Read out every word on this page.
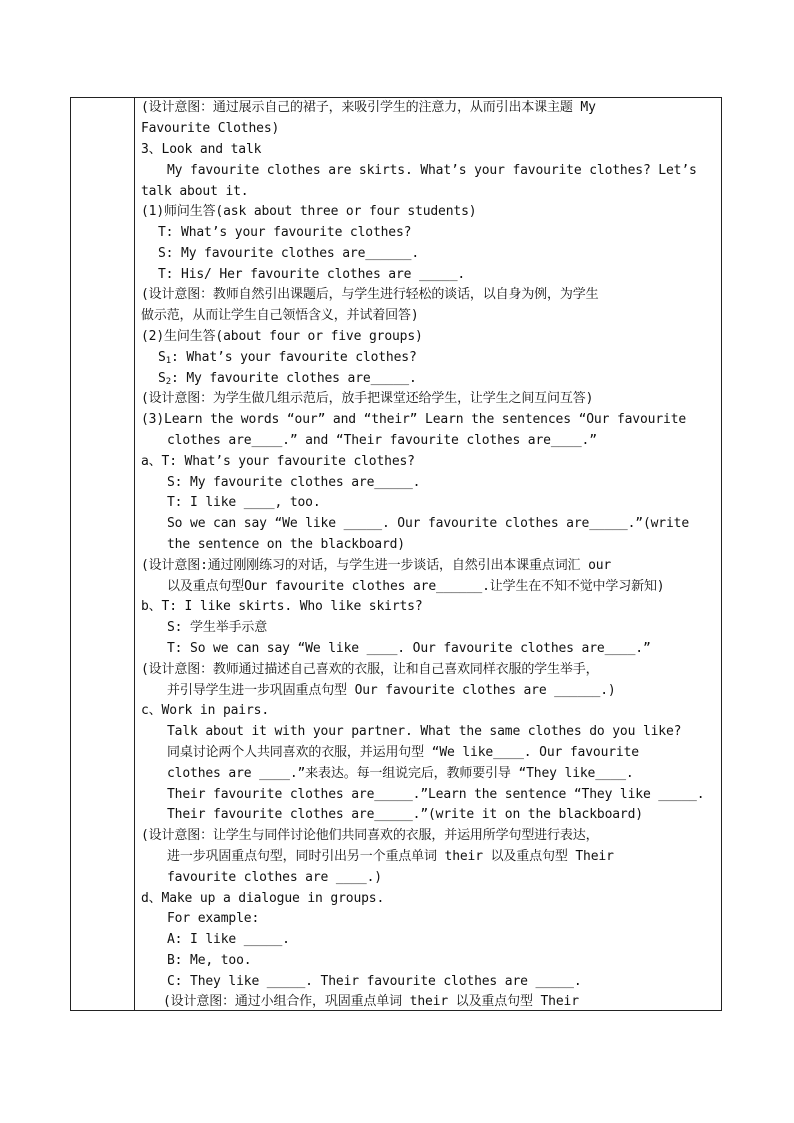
(设计意图：通过展示自己的裙子，来吸引学生的注意力，从而引出本课主题 My
Favourite Clothes)
3、Look and talk
My favourite clothes are skirts. What’s your favourite clothes? Let’s
talk about it.
(1)师问生答(ask about three or four students)
T: What’s your favourite clothes?
S: My favourite clothes are______.
T: His/ Her favourite clothes are _____.
(设计意图：教师自然引出课题后，与学生进行轻松的谈话，以自身为例，为学生
做示范，从而让学生自己领悟含义，并试着回答)
(2)生问生答(about four or five groups)
$S_1$: What’s your favourite clothes?
$S_2$: My favourite clothes are_____.
(设计意图：为学生做几组示范后，放手把课堂还给学生，让学生之间互问互答)
(3)Learn the words “our” and “their” Learn the sentences “Our favourite
clothes are____.” and “Their favourite clothes are____.”
a、T: What’s your favourite clothes?
S: My favourite clothes are_____.
T: I like ____, too.
So we can say “We like _____. Our favourite clothes are_____.”(write
the sentence on the blackboard)
(设计意图:通过刚刚练习的对话，与学生进一步谈话，自然引出本课重点词汇 our
以及重点句型Our favourite clothes are______.让学生在不知不觉中学习新知)
b、T: I like skirts. Who like skirts?
S: 学生举手示意
T: So we can say “We like ____. Our favourite clothes are____.”
(设计意图：教师通过描述自己喜欢的衣服，让和自己喜欢同样衣服的学生举手，
并引导学生进一步巩固重点句型 Our favourite clothes are ______.)
c、Work in pairs.
Talk about it with your partner. What the same clothes do you like?
同桌讨论两个人共同喜欢的衣服，并运用句型 “We like____. Our favourite
clothes are ____.”来表达。每一组说完后，教师要引导 “They like____.
Their favourite clothes are_____.”Learn the sentence “They like _____.
Their favourite clothes are_____.”(write it on the blackboard)
(设计意图：让学生与同伴讨论他们共同喜欢的衣服，并运用所学句型进行表达，
进一步巩固重点句型，同时引出另一个重点单词 their 以及重点句型 Their
favourite clothes are ____.)
d、Make up a dialogue in groups.
For example:
A: I like _____.
B: Me, too.
C: They like _____. Their favourite clothes are _____.
(设计意图：通过小组合作，巩固重点单词 their 以及重点句型 Their
